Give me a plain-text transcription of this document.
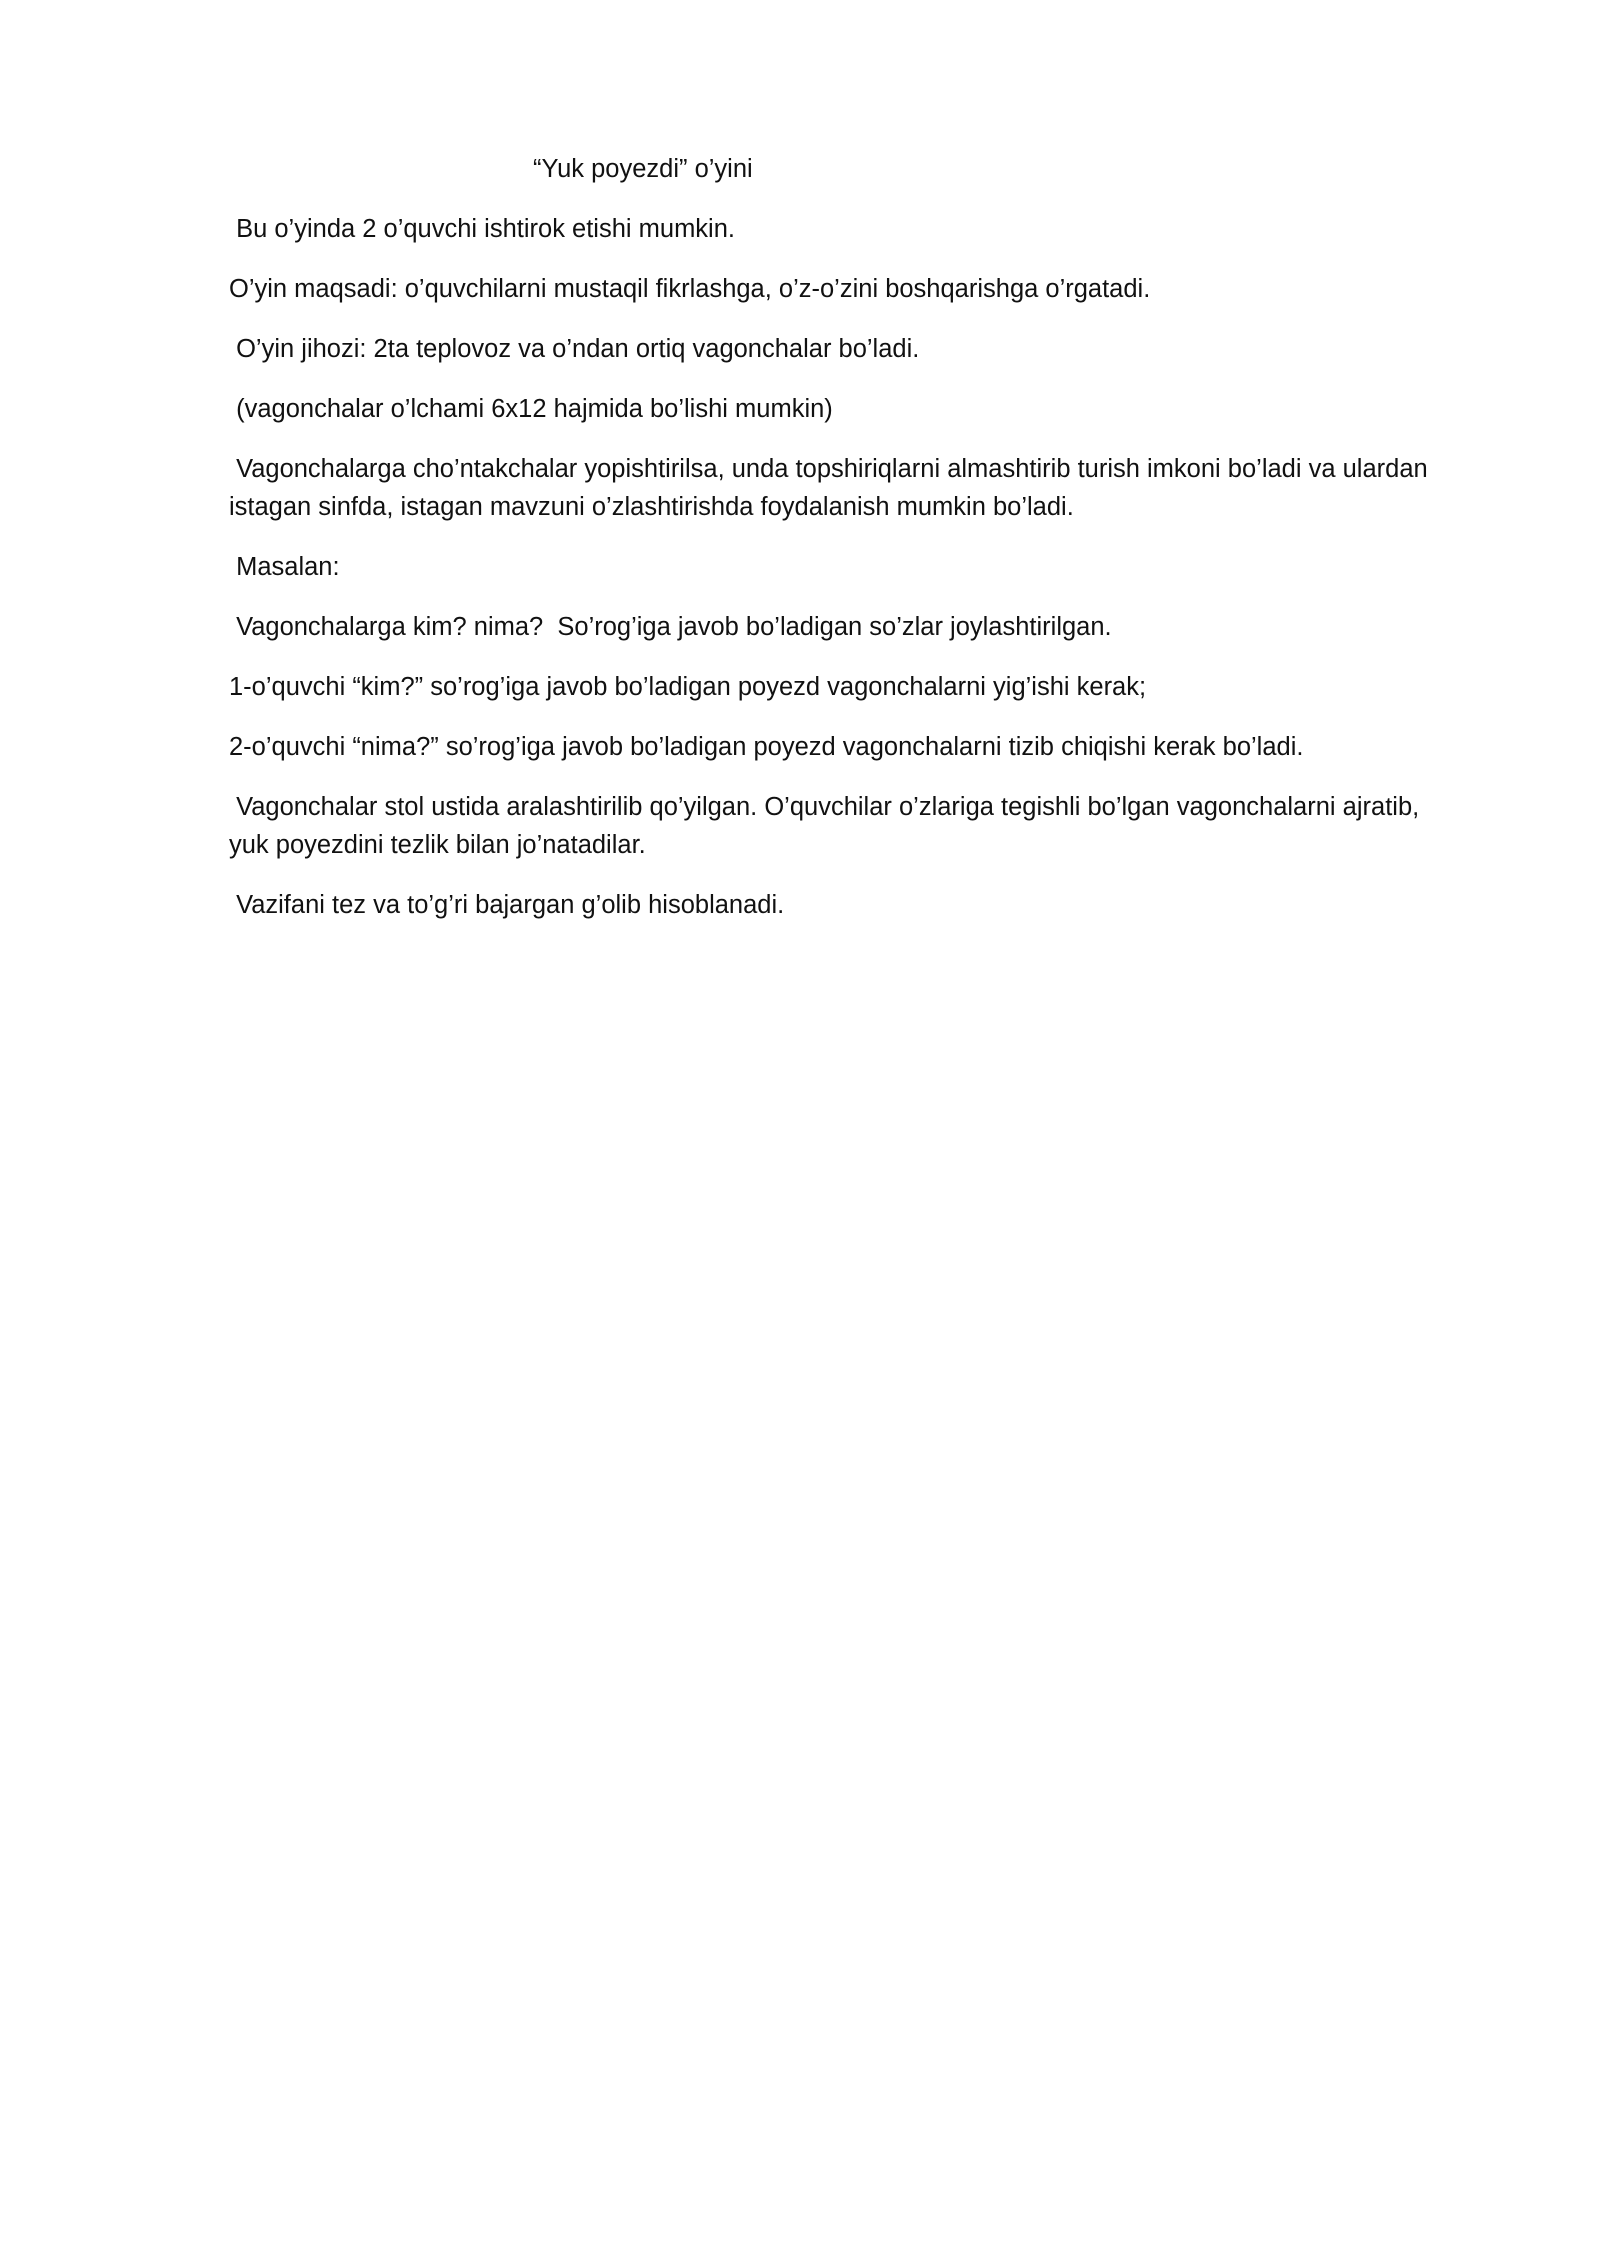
“Yuk poyezdi” o’yini

Bu o’yinda 2 o’quvchi ishtirok etishi mumkin.

O’yin maqsadi: o’quvchilarni mustaqil fikrlashga, o’z-o’zini boshqarishga o’rgatadi.

O’yin jihozi: 2ta teplovoz va o’ndan ortiq vagonchalar bo’ladi.

(vagonchalar o’lchami 6x12 hajmida bo’lishi mumkin)

Vagonchalarga cho’ntakchalar yopishtirilsa, unda topshiriqlarni almashtirib turish imkoni bo’ladi va ulardan istagan sinfda, istagan mavzuni o’zlashtirishda foydalanish mumkin bo’ladi.

Masalan:

Vagonchalarga kim? nima?  So’rog’iga javob bo’ladigan so’zlar joylashtirilgan.

1-o’quvchi “kim?” so’rog’iga javob bo’ladigan poyezd vagonchalarni yig’ishi kerak;

2-o’quvchi “nima?” so’rog’iga javob bo’ladigan poyezd vagonchalarni tizib chiqishi kerak bo’ladi.

Vagonchalar stol ustida aralashtirilib qo’yilgan. O’quvchilar o’zlariga tegishli bo’lgan vagonchalarni ajratib, yuk poyezdini tezlik bilan jo’natadilar.

Vazifani tez va to’g’ri bajargan g’olib hisoblanadi.
